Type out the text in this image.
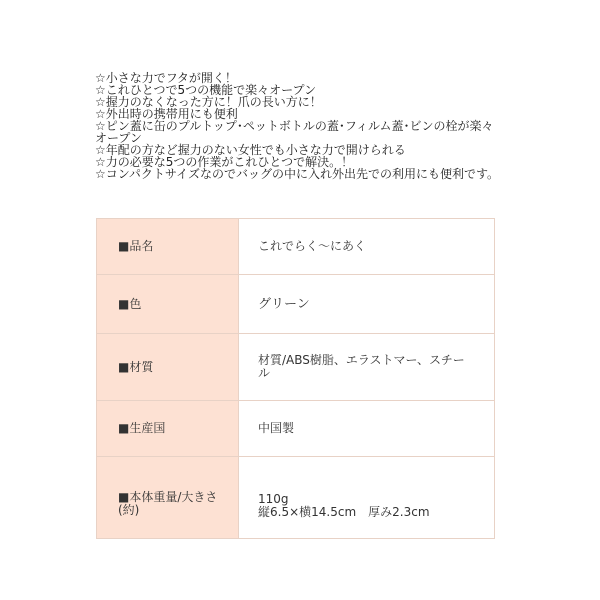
☆小さな力でフタが開く！
☆これひとつで5つの機能で楽々オープン
☆握力のなくなった方に！爪の長い方に！
☆外出時の携帯用にも便利
☆ピン蓋に缶のプルトップ･ペットボトルの蓋･フィルム蓋･ビンの栓が楽々オープン
☆年配の方など握力のない女性でも小さな力で開けられる
☆力の必要な5つの作業がこれひとつで解決。！
☆コンパクトサイズなのでバッグの中に入れ外出先での利用にも便利です。
■品名	これでらく〜にあく
■色	グリーン
■材質	材質/ABS樹脂、エラストマー、スチール
■生産国	中国製
■本体重量/大きさ(約)	110g
縦6.5×横14.5cm　厚み2.3cm
